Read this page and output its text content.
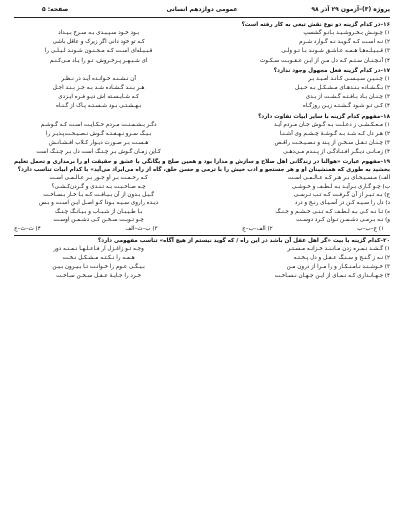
پروژه (۳)–آزمون ۲۹ آذر ۹۸
عمومی دوازدهم انسانی
صفحه: ۵
۱۶–در کدام گزینه دو نوع نقش تبعی به کار رفته است؟
۱) چـونـش بـخـروشـیـد بـانـو گشسپ
بـود خـود سـپـیـدی بـه سـرخ بـیـداد
۲) نـه اسـت کـه گـویـد نـه گـوارد شـرم
کـه تو خود دانی اگر زیرک و عاقل باشی
۳) قـبـیـلـه‌هـا هـمـه عـاشـق شـونـد بـا تـو ولـی
قـبـیـله‌ای اسـت کـه مـجـنـون شـونـد لـیـلـی را
۴) آنـچـنـان سـتـم کـه دل مـن از ایـن عـقـوبـت سـکـوت
ای شـبـهـر پـرخـروش، تـو را یـاد مـی‌کـنـم
۱۷–در کدام گزینه فعل مجهول وجود ندارد؟
۱) چـنـیـن سـیـسـی کـانـد امـیـد بـر
آن نـشـنـه خـوانـده آیـد در نـظـر
۲) بـگـشـاده بـنـدهـای مـشـکـل بـه حـیـل
هـر بـنـد گـشـاده شـد بـه جـز بـنـد اجـل
۳) چـنـان بـاد بـافـتـه گـشـت از بـدی
کـه شـایـسـته اش دیـو فـره ایـزدی
۴) کـی تـو شـود گـشـتـه زیـن روزگـاه
بـهـشـتـی بـود شـسـتـه پـاک از گـنـاه
۱۸–مفهوم کدام گزینه با سایر ابیات تفاوت دارد؟
۱) مـعـکـشـی ز دعـلـت بـه گـوش جـان مـردم آیـد
دگـر بـشـمـنـت مـردم حـکـایـت اسـت کـه گـوشـم
۲) هـر دل کـه شـد بـه گـوشـهٔ چـشـم وی آشـنـا
بـیـگ سـرو نـهـفـتـه گـوش نـصـیـحـت‌پـذیـر را
۳) چـنـان تـقـل سـخـن از پـند و نـصـیـحـت راقـص
هـسـت بـر صـورت دیـوار کـلاب افـشـانـش
۴) زمـانـی دیـگـر افـتـادگـی از پـنـدم مـی‌دهـی
کـاین زمـان گـوش بـر چـنـگ است دل بـر چـنـگ است
۱۹–مفهوم عبارت «هوالنا در زندگانی اهل صلاح و سازش و مدارا بود و همین صلح و یگانگی با عشق و حقیقت او را برمداری و تحمل تعلیم بخشید به طوری که همنشینان او و هر جستجو و ادب خیش را با ترمی و حسن خلق، گاه از راه می‌ایراد می‌آید» با کدام ابیات تناسب دارد؟
الف) مـسـیـحـای بـر هـر کـه عـالـمـی اسـت
کـه رحـمـت بـر او جـور بـر عـالـمـی اسـت
ب) چـو گـاری بـرآیـد بـه لـطـف و خـوشـی
چـه صـاحـبـت بـه تـنـدی و گـردن‌کـشـی؟
ج) بـه تـیـر از آن گـرفـت کـه تـب تـرسـی
گـیـل بـدون از آن بـیـافـت کـه بـا خـار بـسـاخـت
د) دل را سـیـه کـن در آسـیـای رنـج و درد
دیـده راروی سـیـه بـودا کـو اصـل ایـن اسـت و بـس
ه) تـا نـه کـی بـه لـطـف کـه تـنـی خـشـم و جـنـگ
بـا طـیـبـان از شـبـاب و بـیـانـگ چـنـگ
و) نـه بـرمـی دشـمـن تـوان کـرد دوسـت
چـو تـوبـت سـخـن کـی دشـمـن اوسـت
۱) ج–ب–ب
۲) الف–ب–ج
۳) ب–ت–الف
۴) ت–ث–ج
۲۰–کدام گزینه با بیت «گر اهل عقل آن باشد در این راه / که گوید نیستم از هیچ آگاه» تناسب مفهومی دارد؟
۱) گـشـد نـمـره زدن مـانـنـد خـزانـه مـسـتـر
وجـه تـو زاغـزل ار فـاعـلـهـا نـمـنـه دور
۲) نـه ز گـنـج و سـنـگ عـقـل و دل پـخـتـه
هـمـه را نـکـتـه مـشـکـل نـخـت
۳) خـوشـنـد نـامـنـکـار و را مـرا از درون مـن
بـیـگـی عـوم را خـوانـت تـا بـیـرون بـیـن
۴) جـهـانـداری کـه نـمـای از ایـن جـهـان نـسـاخـت
خـرد را جـایـهٔ عـقـل سـخـن سـاخـت
